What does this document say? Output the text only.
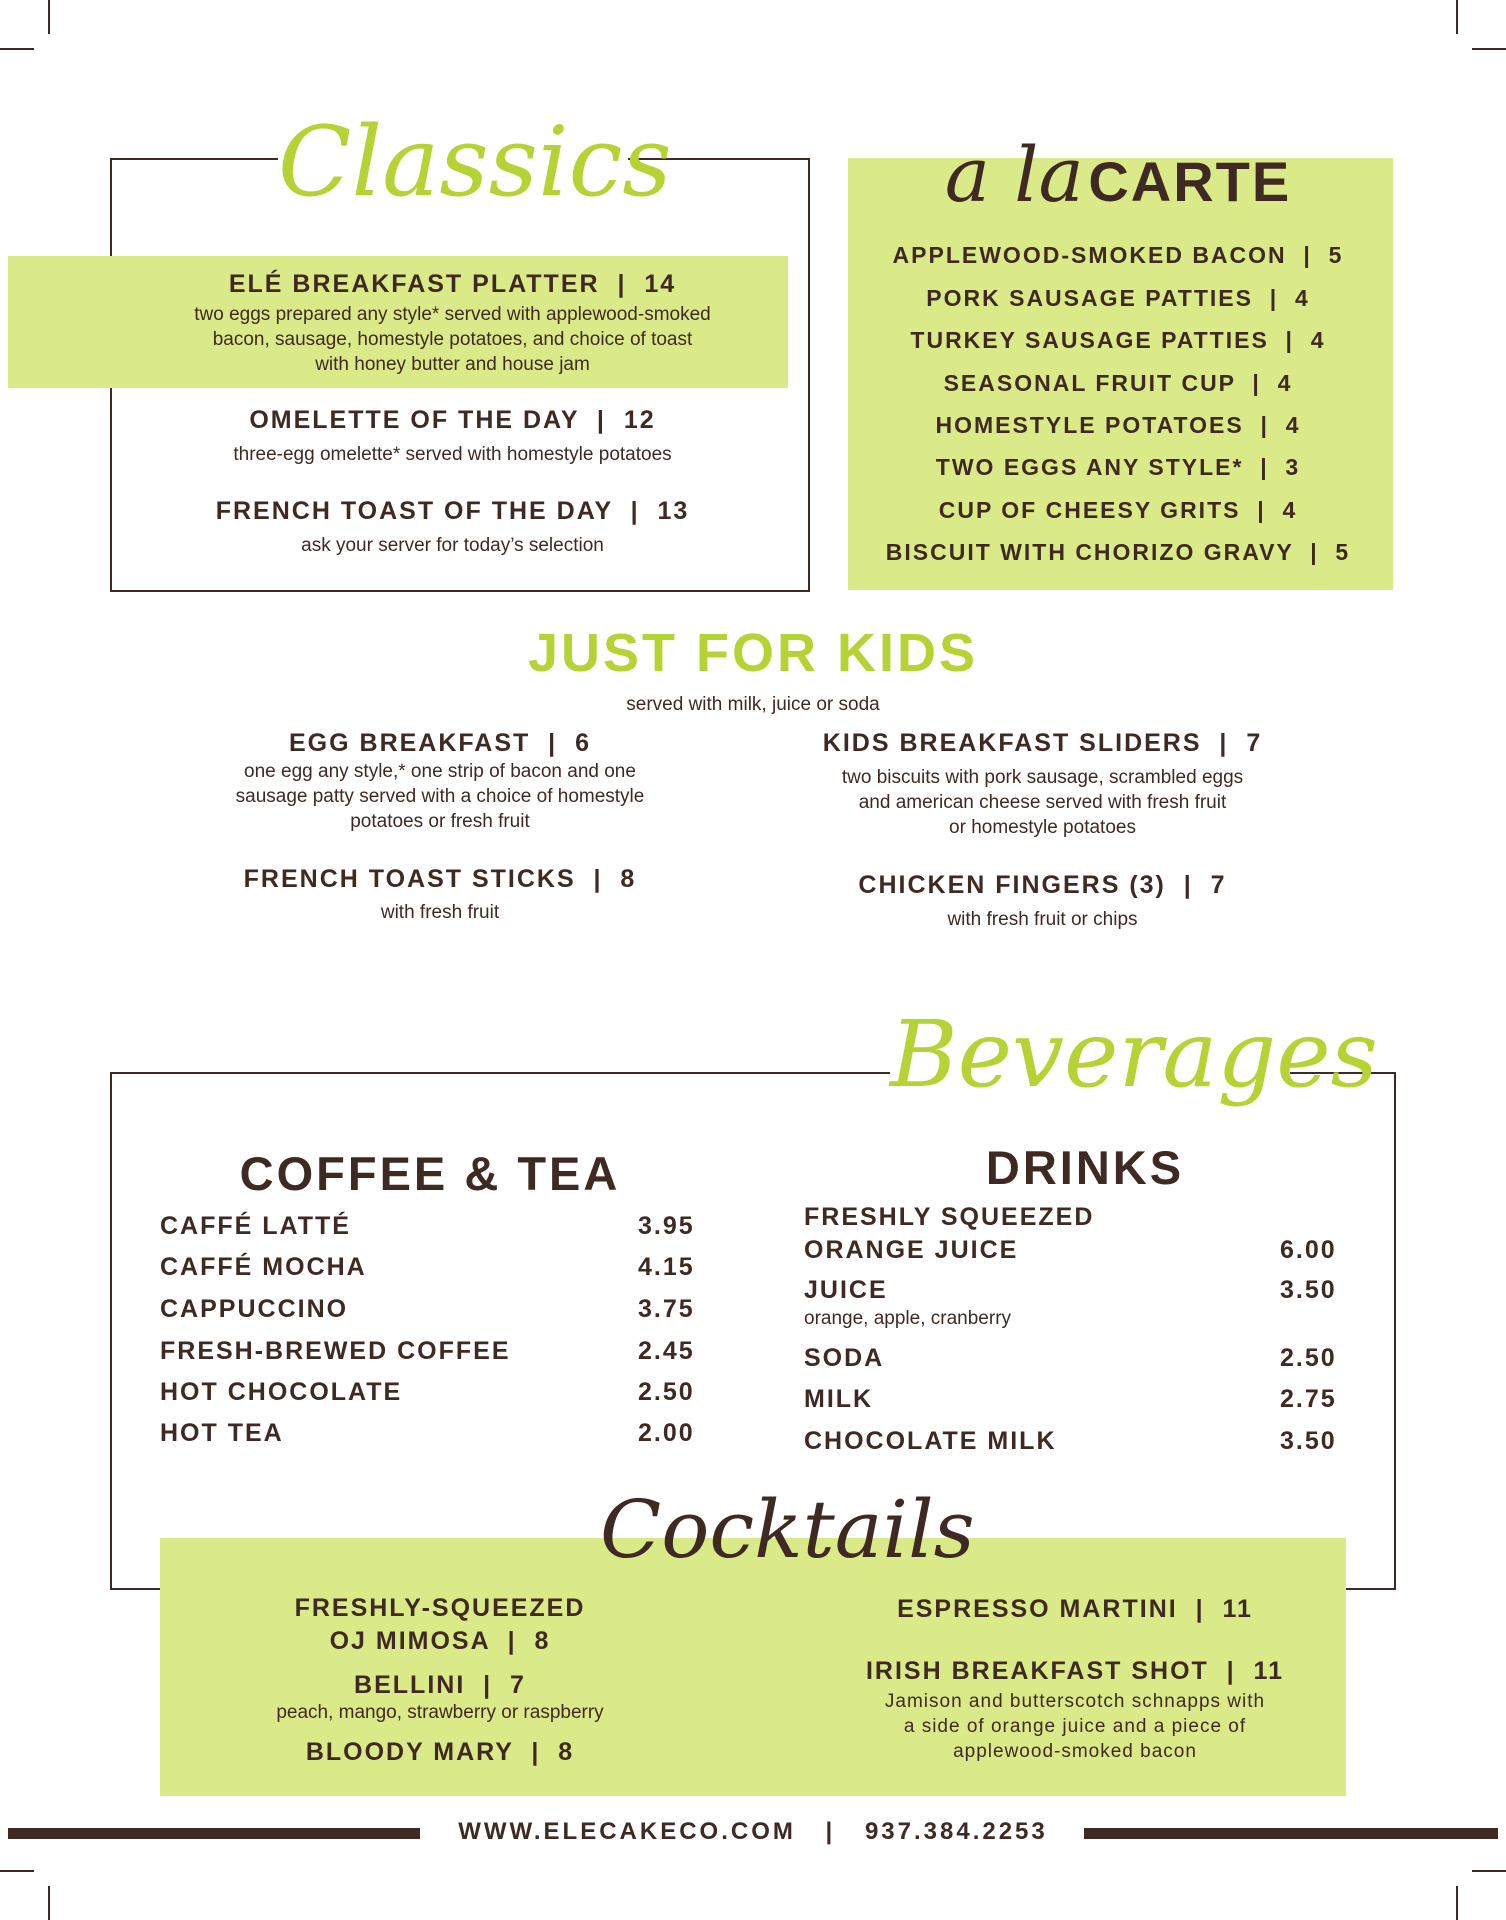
Classics
ELÉ BREAKFAST PLATTER  |  14
two eggs prepared any style* served with applewood-smoked
bacon, sausage, homestyle potatoes, and choice of toast
with honey butter and house jam
OMELETTE OF THE DAY  |  12
three-egg omelette* served with homestyle potatoes
FRENCH TOAST OF THE DAY  |  13
ask your server for today’s selection
a la CARTE
APPLEWOOD-SMOKED BACON  |  5
PORK SAUSAGE PATTIES  |  4
TURKEY SAUSAGE PATTIES  |  4
SEASONAL FRUIT CUP  |  4
HOMESTYLE POTATOES  |  4
TWO EGGS ANY STYLE*  |  3
CUP OF CHEESY GRITS  |  4
BISCUIT WITH CHORIZO GRAVY  |  5
JUST FOR KIDS
served with milk, juice or soda
EGG BREAKFAST  |  6
one egg any style,* one strip of bacon and one
sausage patty served with a choice of homestyle
potatoes or fresh fruit
KIDS BREAKFAST SLIDERS  |  7
two biscuits with pork sausage, scrambled eggs
and american cheese served with fresh fruit
or homestyle potatoes
FRENCH TOAST STICKS  |  8
with fresh fruit
CHICKEN FINGERS (3)  |  7
with fresh fruit or chips
Beverages
COFFEE & TEA
CAFFÉ LATTÉ	3.95
CAFFÉ MOCHA	4.15
CAPPUCCINO	3.75
FRESH-BREWED COFFEE	2.45
HOT CHOCOLATE	2.50
HOT TEA	2.00
DRINKS
FRESHLY SQUEEZED
ORANGE JUICE	6.00
JUICE	3.50
orange, apple, cranberry
SODA	2.50
MILK	2.75
CHOCOLATE MILK	3.50
Cocktails
FRESHLY-SQUEEZED
OJ MIMOSA  |  8
BELLINI  |  7
peach, mango, strawberry or raspberry
BLOODY MARY  |  8
ESPRESSO MARTINI  |  11
IRISH BREAKFAST SHOT  |  11
Jamison and butterscotch schnapps with
a side of orange juice and a piece of
applewood-smoked bacon
WWW.ELECAKECO.COM | 937.384.2253
